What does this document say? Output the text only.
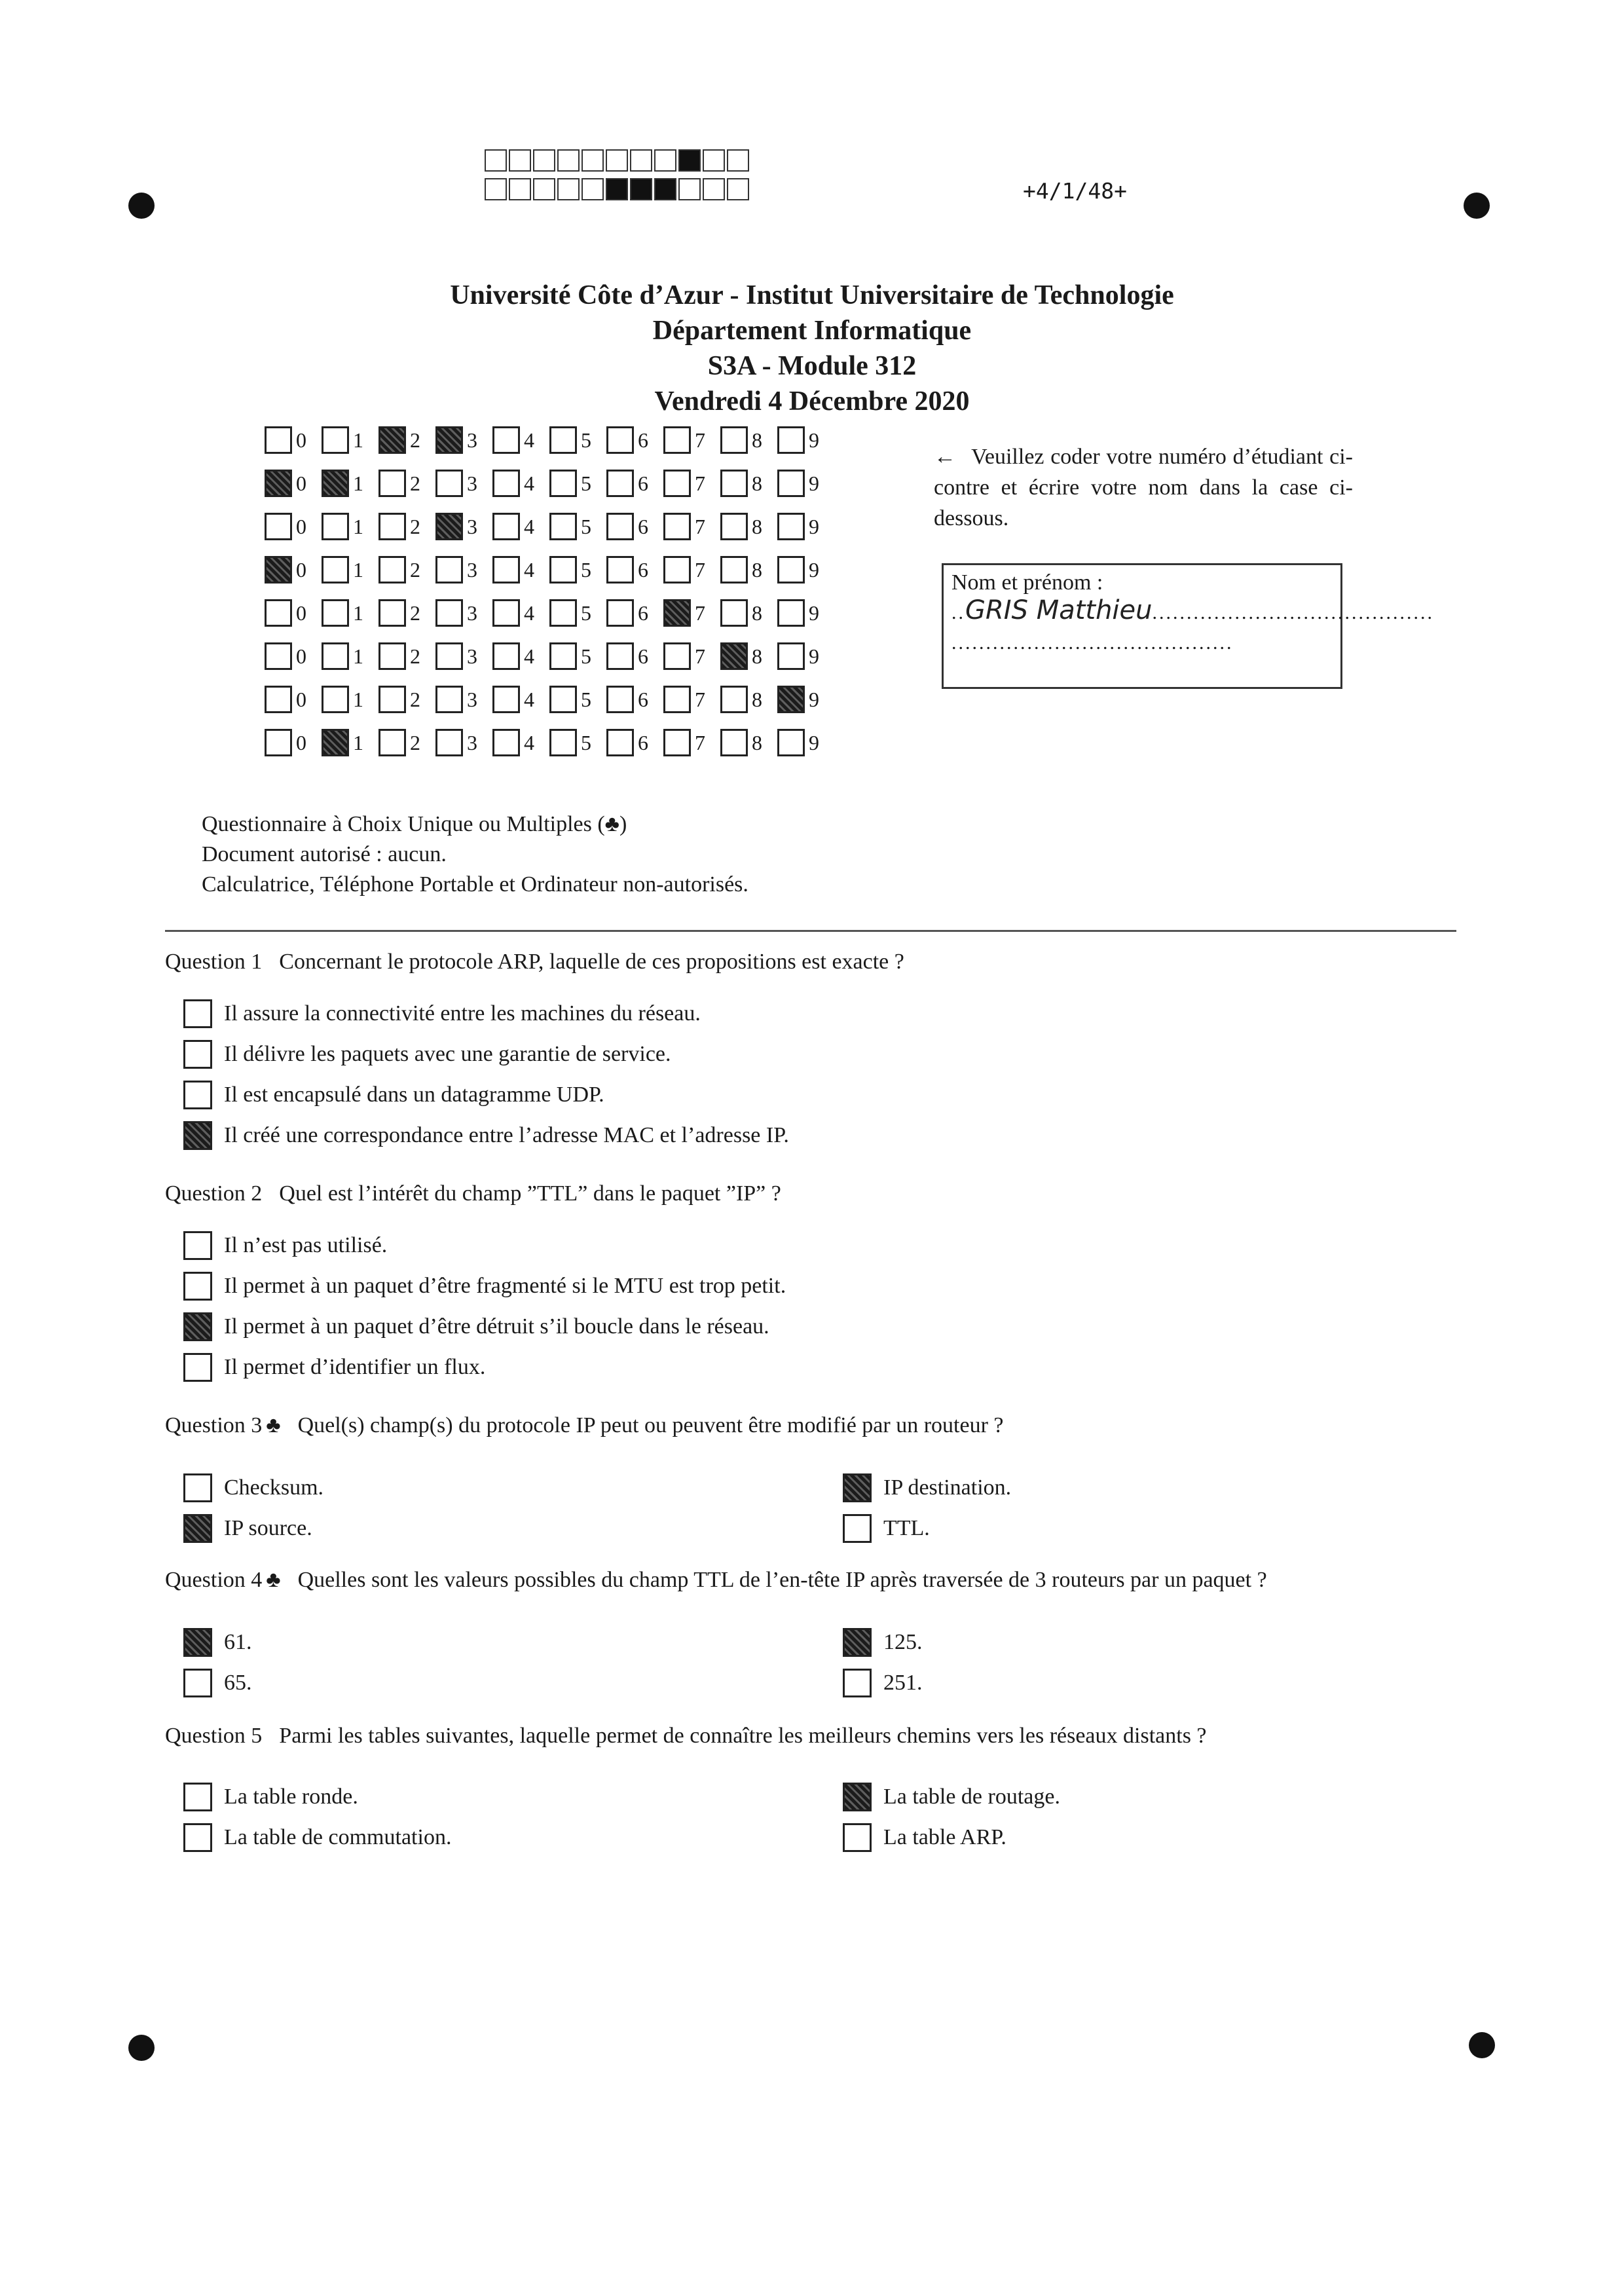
+4/1/48+
Université Côte d’Azur - Institut Universitaire de Technologie
Département Informatique
S3A - Module 312
Vendredi 4 Décembre 2020
0 1 2 3 4 5 6 7 8 9
0 1 2 3 4 5 6 7 8 9
0 1 2 3 4 5 6 7 8 9
0 1 2 3 4 5 6 7 8 9
0 1 2 3 4 5 6 7 8 9
0 1 2 3 4 5 6 7 8 9
0 1 2 3 4 5 6 7 8 9
0 1 2 3 4 5 6 7 8 9
← Veuillez coder votre numéro d’étudiant ci-contre et écrire votre nom dans la case ci-dessous.
Nom et prénom :
..GRIS Matthieu.........................................
.........................................
Questionnaire à Choix Unique ou Multiples (♣)
Document autorisé : aucun.
Calculatrice, Téléphone Portable et Ordinateur non-autorisés.
Question 1 Concernant le protocole ARP, laquelle de ces propositions est exacte ?
Il assure la connectivité entre les machines du réseau.
Il délivre les paquets avec une garantie de service.
Il est encapsulé dans un datagramme UDP.
Il créé une correspondance entre l’adresse MAC et l’adresse IP.
Question 2 Quel est l’intérêt du champ ”TTL” dans le paquet ”IP” ?
Il n’est pas utilisé.
Il permet à un paquet d’être fragmenté si le MTU est trop petit.
Il permet à un paquet d’être détruit s’il boucle dans le réseau.
Il permet d’identifier un flux.
Question 3 ♣ Quel(s) champ(s) du protocole IP peut ou peuvent être modifié par un routeur ?
Checksum.	IP destination.
IP source.	TTL.
Question 4 ♣ Quelles sont les valeurs possibles du champ TTL de l’en-tête IP après traversée de 3 routeurs par un paquet ?
61.	125.
65.	251.
Question 5 Parmi les tables suivantes, laquelle permet de connaître les meilleurs chemins vers les réseaux distants ?
La table ronde.	La table de routage.
La table de commutation.	La table ARP.
